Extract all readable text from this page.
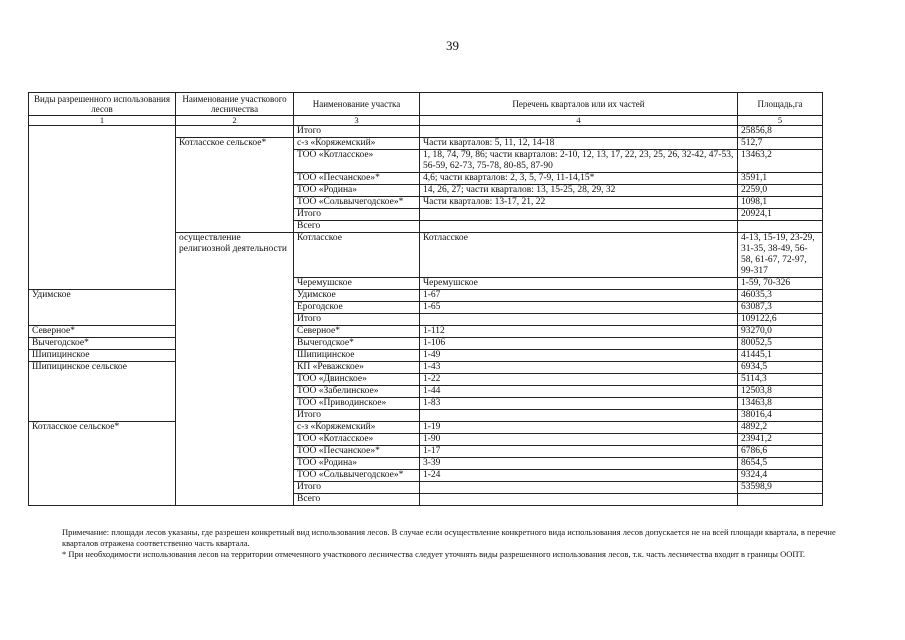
39
Виды разрешенного использования лесов	Наименование участкового лесничества	Наименование участка	Перечень кварталов или их частей	Площадь,га	
1	2	3	4	5	
		Итого		25856,8	
	Котласское сельское*	с-з «Коряжемский»	Части кварталов: 5, 11, 12, 14-18	512,7	
		ТОО «Котласское»	1, 18, 74, 79, 86; части кварталов: 2-10, 12, 13, 17, 22, 23, 25, 26, 32-42, 47-53, 56-59, 62-73, 75-78, 80-85, 87-90	13463,2	
		ТОО «Песчанское»*	4,6; части кварталов: 2, 3, 5, 7-9, 11-14,15*	3591,1	
		ТОО «Родина»	14, 26, 27; части кварталов: 13, 15-25, 28, 29, 32	2259,0	
		ТОО «Сольвычегодское»*	Части кварталов: 13-17, 21, 22	1098,1	
		Итого		20924,1	
		Всего			
	осуществление религиозной деятельности	Котласское	Котласское	4-13, 15-19, 23-29, 31-35, 38-49, 56-58, 61-67, 72-97, 99-317	
		Черемушское	Черемушское	1-59, 70-326	
Удимское		Удимское	1-67	46035,3	
		Ерогодское	1-65	63087,3	
		Итого		109122,6	
Северное*		Северное*	1-112	93270,0	
Вычегодское*		Вычегодское*	1-106	80052,5	
Шипицинское		Шипицинское	1-49	41445,1	
Шипицинское сельское		КП «Реважское»	1-43	6934,5	
		ТОО «Двинское»	1-22	5114,3	
		ТОО «Забелинское»	1-44	12503,8	
		ТОО «Приводинское»	1-83	13463,8	
		Итого		38016,4	
Котласское сельское*		с-з «Коряжемский»	1-19	4892,2	
		ТОО «Котласское»	1-90	23941,2	
		ТОО «Песчанское»*	1-17	6786,6	
		ТОО «Родина»	3-39	8654,5	
		ТОО «Сольвычегодское»*	1-24	9324,4	
		Итого		53598,9	
		Всего			

Примечание: площади лесов указаны, где разрешен конкретный вид использования лесов. В случае если осуществление конкретного вида использования лесов допускается не на всей площади квартала, в перечне кварталов отражена соответственно часть квартала.

* При необходимости использования лесов на территории отмеченного участкового лесничества следует уточнять виды разрешенного использования лесов, т.к. часть лесничества входит в границы ООПТ.
